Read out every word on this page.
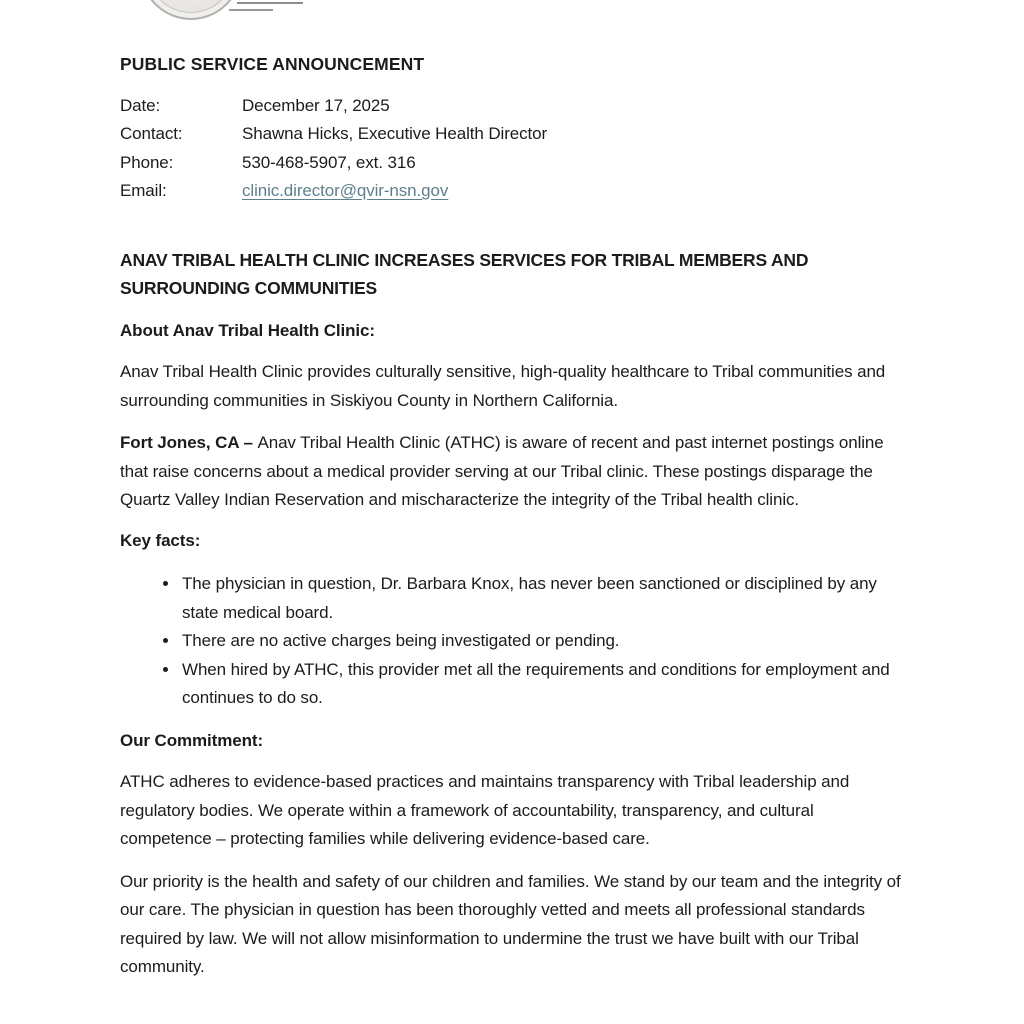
PUBLIC SERVICE ANNOUNCEMENT

Date:	December 17, 2025
Contact:	Shawna Hicks, Executive Health Director
Phone:	530-468-5907, ext. 316
Email:	clinic.director@qvir-nsn.gov

ANAV TRIBAL HEALTH CLINIC INCREASES SERVICES FOR TRIBAL MEMBERS AND SURROUNDING COMMUNITIES

About Anav Tribal Health Clinic:

Anav Tribal Health Clinic provides culturally sensitive, high-quality healthcare to Tribal communities and surrounding communities in Siskiyou County in Northern California.

Fort Jones, CA – Anav Tribal Health Clinic (ATHC) is aware of recent and past internet postings online that raise concerns about a medical provider serving at our Tribal clinic. These postings disparage the Quartz Valley Indian Reservation and mischaracterize the integrity of the Tribal health clinic.

Key facts:

• The physician in question, Dr. Barbara Knox, has never been sanctioned or disciplined by any state medical board.
• There are no active charges being investigated or pending.
• When hired by ATHC, this provider met all the requirements and conditions for employment and continues to do so.

Our Commitment:

ATHC adheres to evidence-based practices and maintains transparency with Tribal leadership and regulatory bodies. We operate within a framework of accountability, transparency, and cultural competence – protecting families while delivering evidence-based care.

Our priority is the health and safety of our children and families. We stand by our team and the integrity of our care. The physician in question has been thoroughly vetted and meets all professional standards required by law. We will not allow misinformation to undermine the trust we have built with our Tribal community.
